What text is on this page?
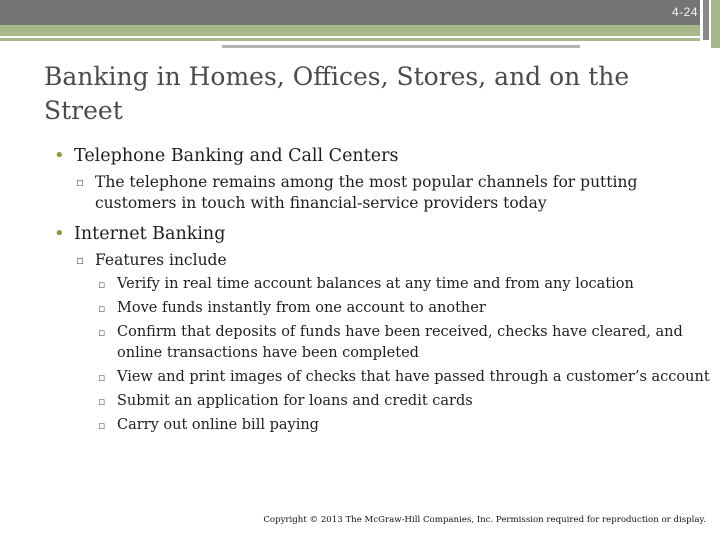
4-24
Banking in Homes, Offices, Stores, and on the Street
• Telephone Banking and Call Centers
▫ The telephone remains among the most popular channels for putting customers in touch with financial-service providers today
• Internet Banking
▫ Features include
▫ Verify in real time account balances at any time and from any location
▫ Move funds instantly from one account to another
▫ Confirm that deposits of funds have been received, checks have cleared, and online transactions have been completed
▫ View and print images of checks that have passed through a customer’s account
▫ Submit an application for loans and credit cards
▫ Carry out online bill paying
Copyright © 2013 The McGraw-Hill Companies, Inc. Permission required for reproduction or display.
